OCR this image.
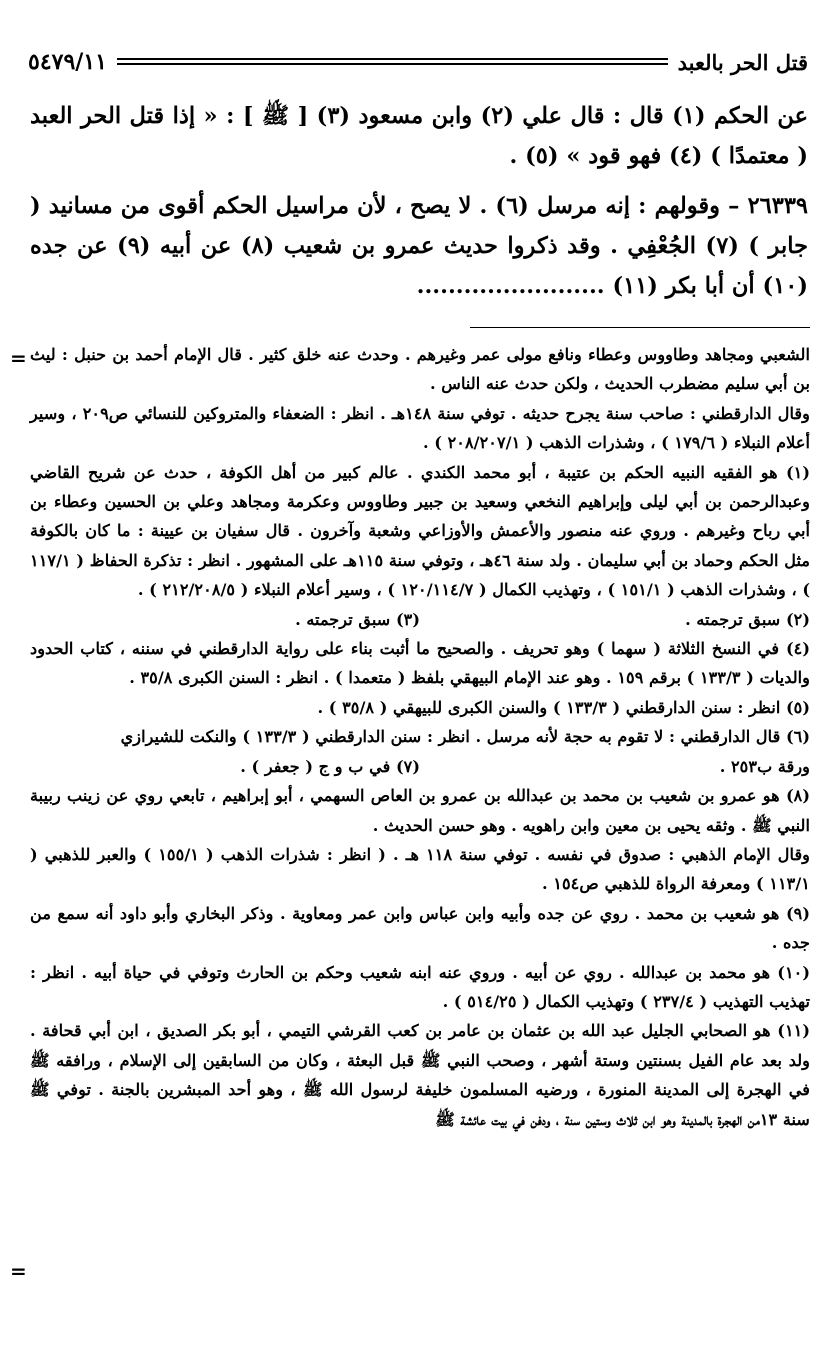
قتل الحر بالعبد
٥٤٧٩/١١

عن الحكم (١) قال : قال علي (٢) وابن مسعود (٣) [ ﷺ ] : « إذا قتل الحر العبد ( معتمدًا ) (٤) فهو قود » (٥) .

٢٦٣٣٩ – وقولهم : إنه مرسل (٦) . لا يصح ، لأن مراسيل الحكم أقوى من مسانيد ( جابر ) (٧) الجُعْفِي . وقد ذكروا حديث عمرو بن شعيب (٨) عن أبيه (٩) عن جده (١٠) أن أبا بكر (١١) ........................

= الشعبي ومجاهد وطاووس وعطاء ونافع مولى عمر وغيرهم . وحدث عنه خلق كثير . قال الإمام أحمد بن حنبل : ليث بن أبي سليم مضطرب الحديث ، ولكن حدث عنه الناس .

وقال الدارقطني : صاحب سنة يجرح حديثه . توفي سنة ١٤٨هـ . انظر : الضعفاء والمتروكين للنسائي ص٢٠٩ ، وسير أعلام النبلاء ( ١٧٩/٦ ) ، وشذرات الذهب ( ٢٠٨/٢٠٧/١ ) .

(١) هو الفقيه النبيه الحكم بن عتيبة ، أبو محمد الكندي . عالم كبير من أهل الكوفة ، حدث عن شريح القاضي وعبدالرحمن بن أبي ليلى وإبراهيم النخعي وسعيد بن جبير وطاووس وعكرمة ومجاهد وعلي بن الحسين وعطاء بن أبي رباح وغيرهم . وروي عنه منصور والأعمش والأوزاعي وشعبة وآخرون . قال سفيان بن عيينة : ما كان بالكوفة مثل الحكم وحماد بن أبي سليمان . ولد سنة ٤٦هـ ، وتوفي سنة ١١٥هـ على المشهور . انظر : تذكرة الحفاظ ( ١١٧/١ ) ، وشذرات الذهب ( ١٥١/١ ) ، وتهذيب الكمال ( ١٢٠/١١٤/٧ ) ، وسير أعلام النبلاء ( ٢١٢/٢٠٨/٥ ) .

(٢) سبق ترجمته .
(٣) سبق ترجمته .

(٤) في النسخ الثلاثة ( سهما ) وهو تحريف . والصحيح ما أثبت بناء على رواية الدارقطني في سننه ، كتاب الحدود والديات ( ١٣٣/٣ ) برقم ١٥٩ . وهو عند الإمام البيهقي بلفظ ( متعمدا ) . انظر : السنن الكبرى ٣٥/٨ .

(٥) انظر : سنن الدارقطني ( ١٣٣/٣ ) والسنن الكبرى للبيهقي ( ٣٥/٨ ) .

(٦) قال الدارقطني : لا تقوم به حجة لأنه مرسل . انظر : سنن الدارقطني ( ١٣٣/٣ ) والنكت للشيرازي

ورقة ب٢٥٣ .
(٧) في ب و ج ( جعفر ) .

(٨) هو عمرو بن شعيب بن محمد بن عبدالله بن عمرو بن العاص السهمي ، أبو إبراهيم ، تابعي روي عن زينب ربيبة النبي ﷺ . وثقه يحيى بن معين وابن راهويه . وهو حسن الحديث .

وقال الإمام الذهبي : صدوق في نفسه . توفي سنة ١١٨ هـ . ( انظر : شذرات الذهب ( ١٥٥/١ ) والعبر للذهبي ( ١١٣/١ ) ومعرفة الرواة للذهبي ص١٥٤ .

(٩) هو شعيب بن محمد . روي عن جده وأبيه وابن عباس وابن عمر ومعاوية . وذكر البخاري وأبو داود أنه سمع من جده .

(١٠) هو محمد بن عبدالله . روي عن أبيه . وروي عنه ابنه شعيب وحكم بن الحارث وتوفي في حياة أبيه . انظر : تهذيب التهذيب ( ٢٣٧/٤ ) وتهذيب الكمال ( ٥١٤/٢٥ ) .

(١١) هو الصحابي الجليل عبد الله بن عثمان بن عامر بن كعب القرشي التيمي ، أبو بكر الصديق ، ابن أبي قحافة . ولد بعد عام الفيل بسنتين وستة أشهر ، وصحب النبي ﷺ قبل البعثة ، وكان من السابقين إلى الإسلام ، ورافقه ﷺ في الهجرة إلى المدينة المنورة ، ورضيه المسلمون خليفة لرسول الله ﷺ ، وهو أحد المبشرين بالجنة . توفي ﷺ سنة ١٣من الهجرة بالمدينة وهو ابن ثلاث وستين سنة ، ودفن في بيت عائشة ﷺ

=
